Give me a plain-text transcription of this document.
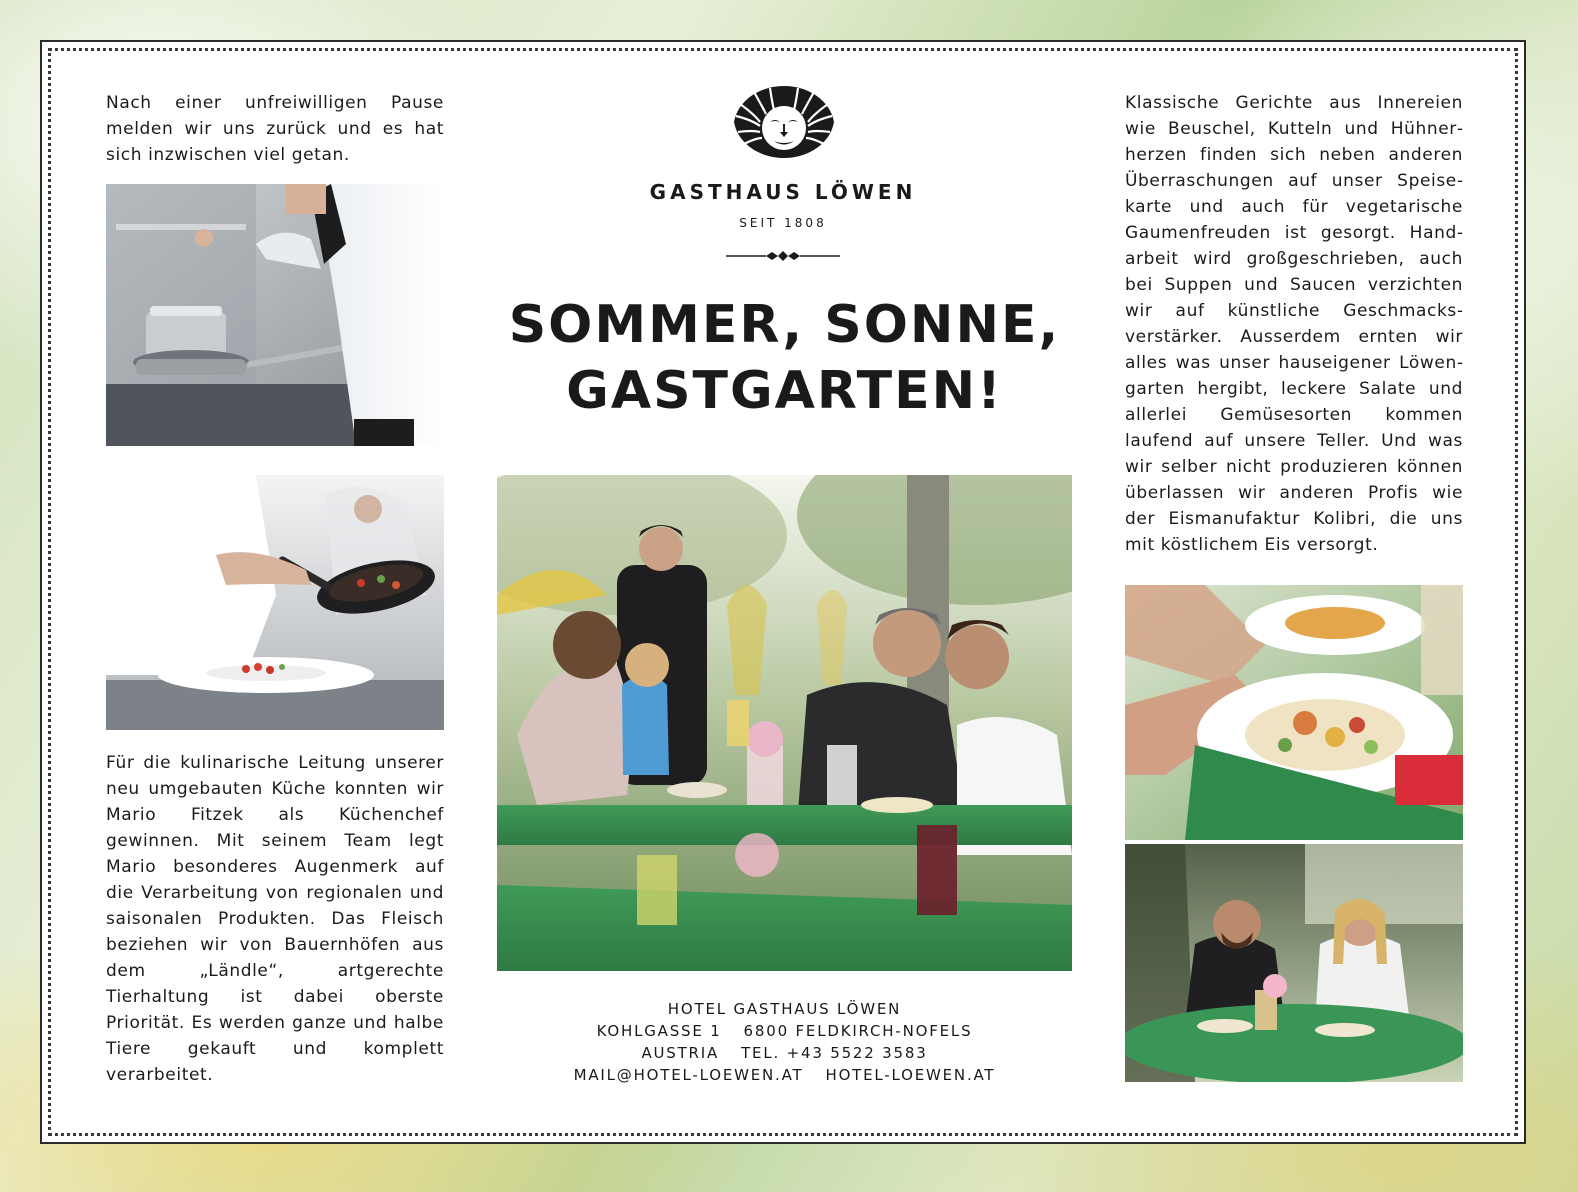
Nach einer unfreiwilligen Pause melden wir uns zurück und es hat sich inzwischen viel getan.

Für die kulinarische Leitung unserer neu umgebauten Küche konnten wir Mario Fitzek als Küchenchef gewinnen. Mit seinem Team legt Mario besonderes Augenmerk auf die Verarbeitung von regionalen und saisonalen Produkten. Das Fleisch beziehen wir von Bauernhöfen aus dem „Ländle“, artgerechte Tierhaltung ist dabei oberste Priorität. Es werden ganze und halbe Tiere gekauft und komplett verarbeitet.

GASTHAUS LÖWEN
SEIT 1808
SOMMER, SONNE,
GASTGARTEN!
HOTEL GASTHAUS LÖWEN
KOHLGASSE 1 6800 FELDKIRCH-NOFELS
AUSTRIA TEL. +43 5522 3583
MAIL@HOTEL-LOEWEN.AT HOTEL-LOEWEN.AT

Klassische Gerichte aus Innereien wie Beuschel, Kutteln und Hühnerherzen finden sich neben anderen Überraschungen auf unser Speisekarte und auch für vegetarische Gaumenfreuden ist gesorgt. Handarbeit wird großgeschrieben, auch bei Suppen und Saucen verzichten wir auf künstliche Geschmacksverstärker. Ausserdem ernten wir alles was unser hauseigener Löwengarten hergibt, leckere Salate und allerlei Gemüsesorten kommen laufend auf unsere Teller. Und was wir selber nicht produzieren können überlassen wir anderen Profis wie der Eismanufaktur Kolibri, die uns mit köstlichem Eis versorgt.
